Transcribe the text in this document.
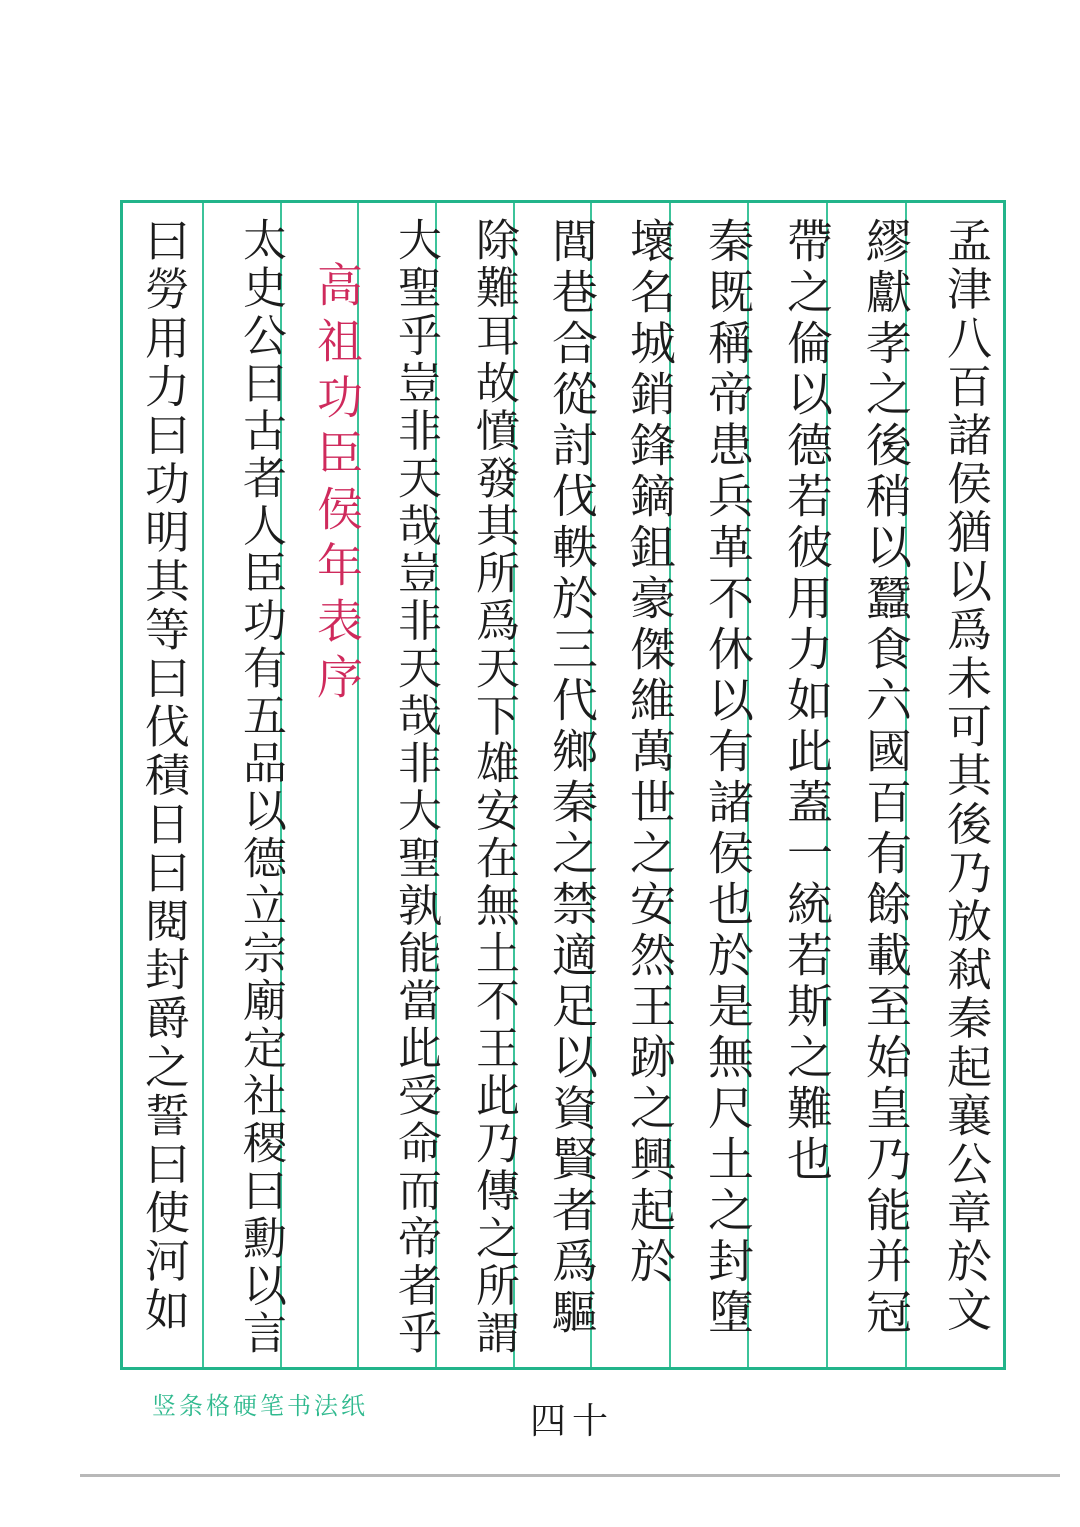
孟津八百諸侯猶以爲未可其後乃放弒秦起襄公章於文
繆獻孝之後稍以蠶食六國百有餘載至始皇乃能并冠
帶之倫以德若彼用力如此蓋一統若斯之難也
秦既稱帝患兵革不休以有諸侯也於是無尺土之封墮
壞名城銷鋒鏑鉏豪傑維萬世之安然王跡之興起於
閭巷合從討伐軼於三代鄉秦之禁適足以資賢者爲驅
除難耳故憤發其所爲天下雄安在無土不王此乃傳之所謂
大聖乎豈非天哉豈非天哉非大聖孰能當此受命而帝者乎
高祖功臣侯年表序
太史公曰古者人臣功有五品以德立宗廟定社稷曰勳以言
曰勞用力曰功明其等曰伐積日曰閱封爵之誓曰使河如
竖条格硬笔书法纸	四十
